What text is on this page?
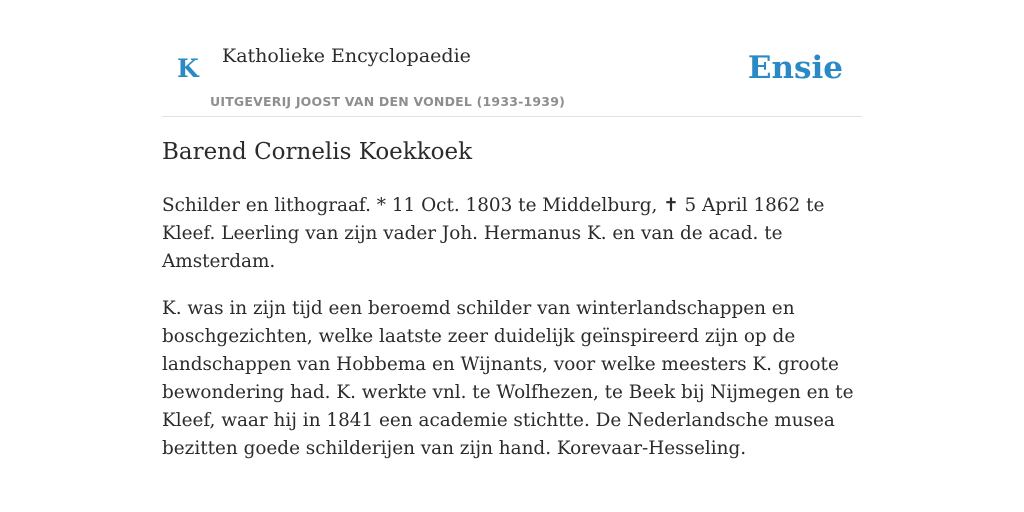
K Katholieke Encyclopaedie
UITGEVERIJ JOOST VAN DEN VONDEL (1933-1939)
Ensie
Barend Cornelis Koekkoek

Schilder en lithograaf. * 11 Oct. 1803 te Middelburg, ✝ 5 April 1862 te Kleef. Leerling van zijn vader Joh. Hermanus K. en van de acad. te Amsterdam.

K. was in zijn tijd een beroemd schilder van winterlandschappen en boschgezichten, welke laatste zeer duidelijk geïnspireerd zijn op de landschappen van Hobbema en Wijnants, voor welke meesters K. groote bewondering had. K. werkte vnl. te Wolfhezen, te Beek bij Nijmegen en te Kleef, waar hij in 1841 een academie stichtte. De Nederlandsche musea bezitten goede schilderijen van zijn hand. Korevaar-Hesseling.
